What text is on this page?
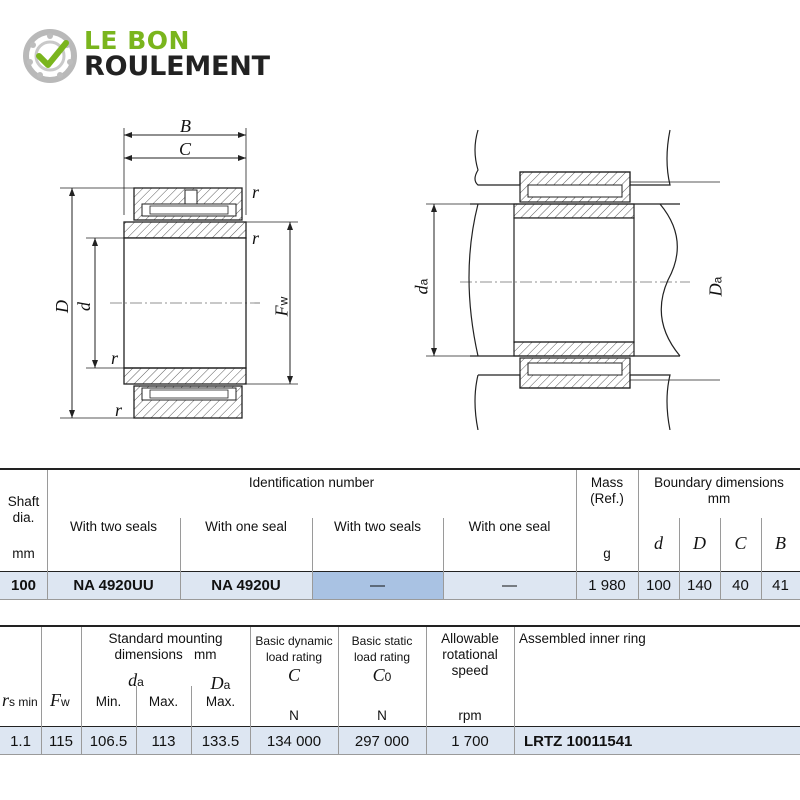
LE BON
ROULEMENT
B
C
D d
r
r
r
r
Fw
da
Da
Shaft
dia.
mm
Identification number
With two seals	With one seal	With two seals	With one seal
Mass
(Ref.)
g
Boundary dimensions
mm
d	D	C	B
100	NA 4920UU	NA 4920U	—	—	1 980	100	140	40	41
rs min Fw
Standard mounting
dimensions mm
da
Min.	Max.
Da
Max.
Basic dynamic
load rating
C
N
Basic static
load rating
C0
N
Allowable
rotational
speed
rpm
Assembled inner ring
1.1	115	106.5	113	133.5	134 000	297 000	1 700	LRTZ 10011541
